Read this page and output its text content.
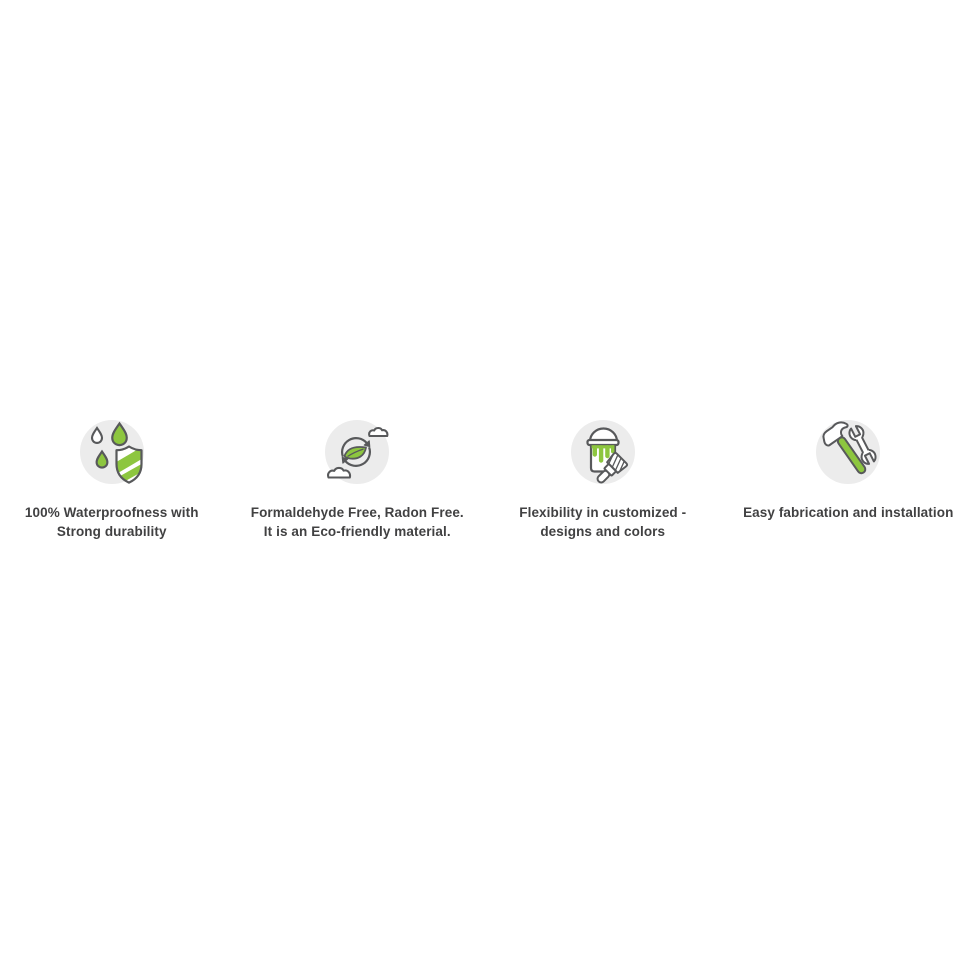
100% Waterproofness with
Strong durability

Formaldehyde Free, Radon Free.
It is an Eco-friendly material.

Flexibility in customized -
designs and colors

Easy fabrication and installation
